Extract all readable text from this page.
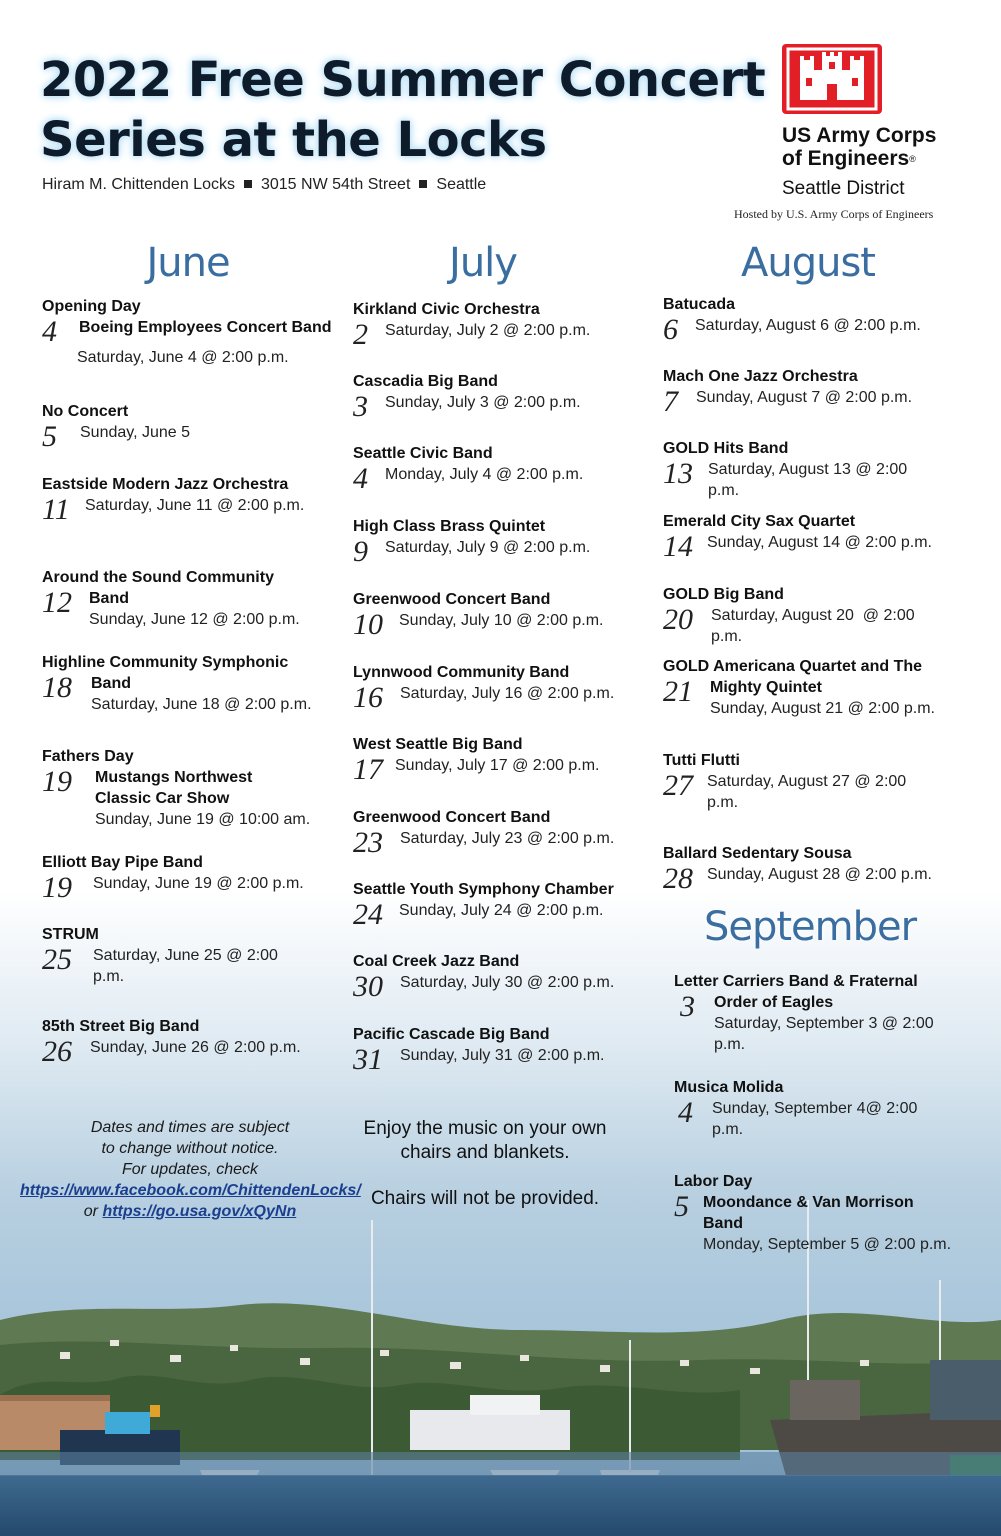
2022 Free Summer Concert
Series at the Locks
Hiram M. Chittenden Locks 3015 NW 54th Street Seattle
US Army Corps
of Engineers®
Seattle District
Hosted by U.S. Army Corps of Engineers
June	July	August
September
Opening Day
4	Boeing Employees Concert Band
Saturday, June 4 @ 2:00 p.m.
No Concert
5	Sunday, June 5
Eastside Modern Jazz Orchestra
11 Saturday, June 11 @ 2:00 p.m.
Around the Sound Community
12	Band
Sunday, June 12 @ 2:00 p.m.
Highline Community Symphonic
18	Band
Saturday, June 18 @ 2:00 p.m.
Fathers Day
19	Mustangs Northwest Classic Car Show
Sunday, June 19 @ 10:00 am.
Elliott Bay Pipe Band
19	Sunday, June 19 @ 2:00 p.m.
STRUM
25	Saturday, June 25 @ 2:00 p.m.
85th Street Big Band
26	Sunday, June 26 @ 2:00 p.m.
Kirkland Civic Orchestra
2	Saturday, July 2 @ 2:00 p.m.
Cascadia Big Band
3	Sunday, July 3 @ 2:00 p.m.
Seattle Civic Band
4	Monday, July 4 @ 2:00 p.m.
High Class Brass Quintet
9	Saturday, July 9 @ 2:00 p.m.
Greenwood Concert Band
10	Sunday, July 10 @ 2:00 p.m.
Lynnwood Community Band
16	Saturday, July 16 @ 2:00 p.m.
West Seattle Big Band
17 Sunday, July 17 @ 2:00 p.m.
Greenwood Concert Band
23	Saturday, July 23 @ 2:00 p.m.
Seattle Youth Symphony Chamber
24	Sunday, July 24 @ 2:00 p.m.
Coal Creek Jazz Band
30	Saturday, July 30 @ 2:00 p.m.
Pacific Cascade Big Band
31	Sunday, July 31 @ 2:00 p.m.
Batucada
6	Saturday, August 6 @ 2:00 p.m.
Mach One Jazz Orchestra
7	Sunday, August 7 @ 2:00 p.m.
GOLD Hits Band
13 Saturday, August 13 @ 2:00 p.m.
Emerald City Sax Quartet
14 Sunday, August 14 @ 2:00 p.m.
GOLD Big Band
20	Saturday, August 20  @ 2:00 p.m.
GOLD Americana Quartet and The
21	Mighty Quintet
Sunday, August 21 @ 2:00 p.m.
Tutti Flutti
27 Saturday, August 27 @ 2:00 p.m.
Ballard Sedentary Sousa
28 Sunday, August 28 @ 2:00 p.m.
Letter Carriers Band & Fraternal
3	Order of Eagles
Saturday, September 3 @ 2:00 p.m.
Musica Molida
4	Sunday, September 4@ 2:00 p.m.
Labor Day
5 Moondance & Van Morrison Band
Monday, September 5 @ 2:00 p.m.
Dates and times are subject
to change without notice.
For updates, check
https://www.facebook.com/ChittendenLocks/
or https://go.usa.gov/xQyNn
Enjoy the music on your own chairs and blankets.
Chairs will not be provided.
